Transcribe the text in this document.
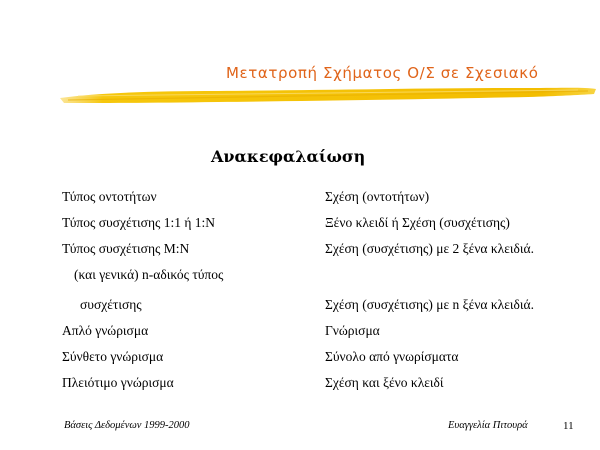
Μετατροπή Σχήματος Ο/Σ σε Σχεσιακό
Ανακεφαλαίωση
Τύπος οντοτήτων	Σχέση (οντοτήτων)
Τύπος συσχέτισης 1:1 ή 1:Ν	Ξένο κλειδί ή Σχέση (συσχέτισης)
Τύπος συσχέτισης Μ:Ν	Σχέση (συσχέτισης) με 2 ξένα κλειδιά.
(και γενικά) n-αδικός τύπος
συσχέτισης	Σχέση (συσχέτισης) με n ξένα κλειδιά.
Απλό γνώρισμα	Γνώρισμα
Σύνθετο γνώρισμα	Σύνολο από γνωρίσματα
Πλειότιμο γνώρισμα	Σχέση και ξένο κλειδί
Βάσεις Δεδομένων 1999-2000	Ευαγγελία Πιτουρά	11
